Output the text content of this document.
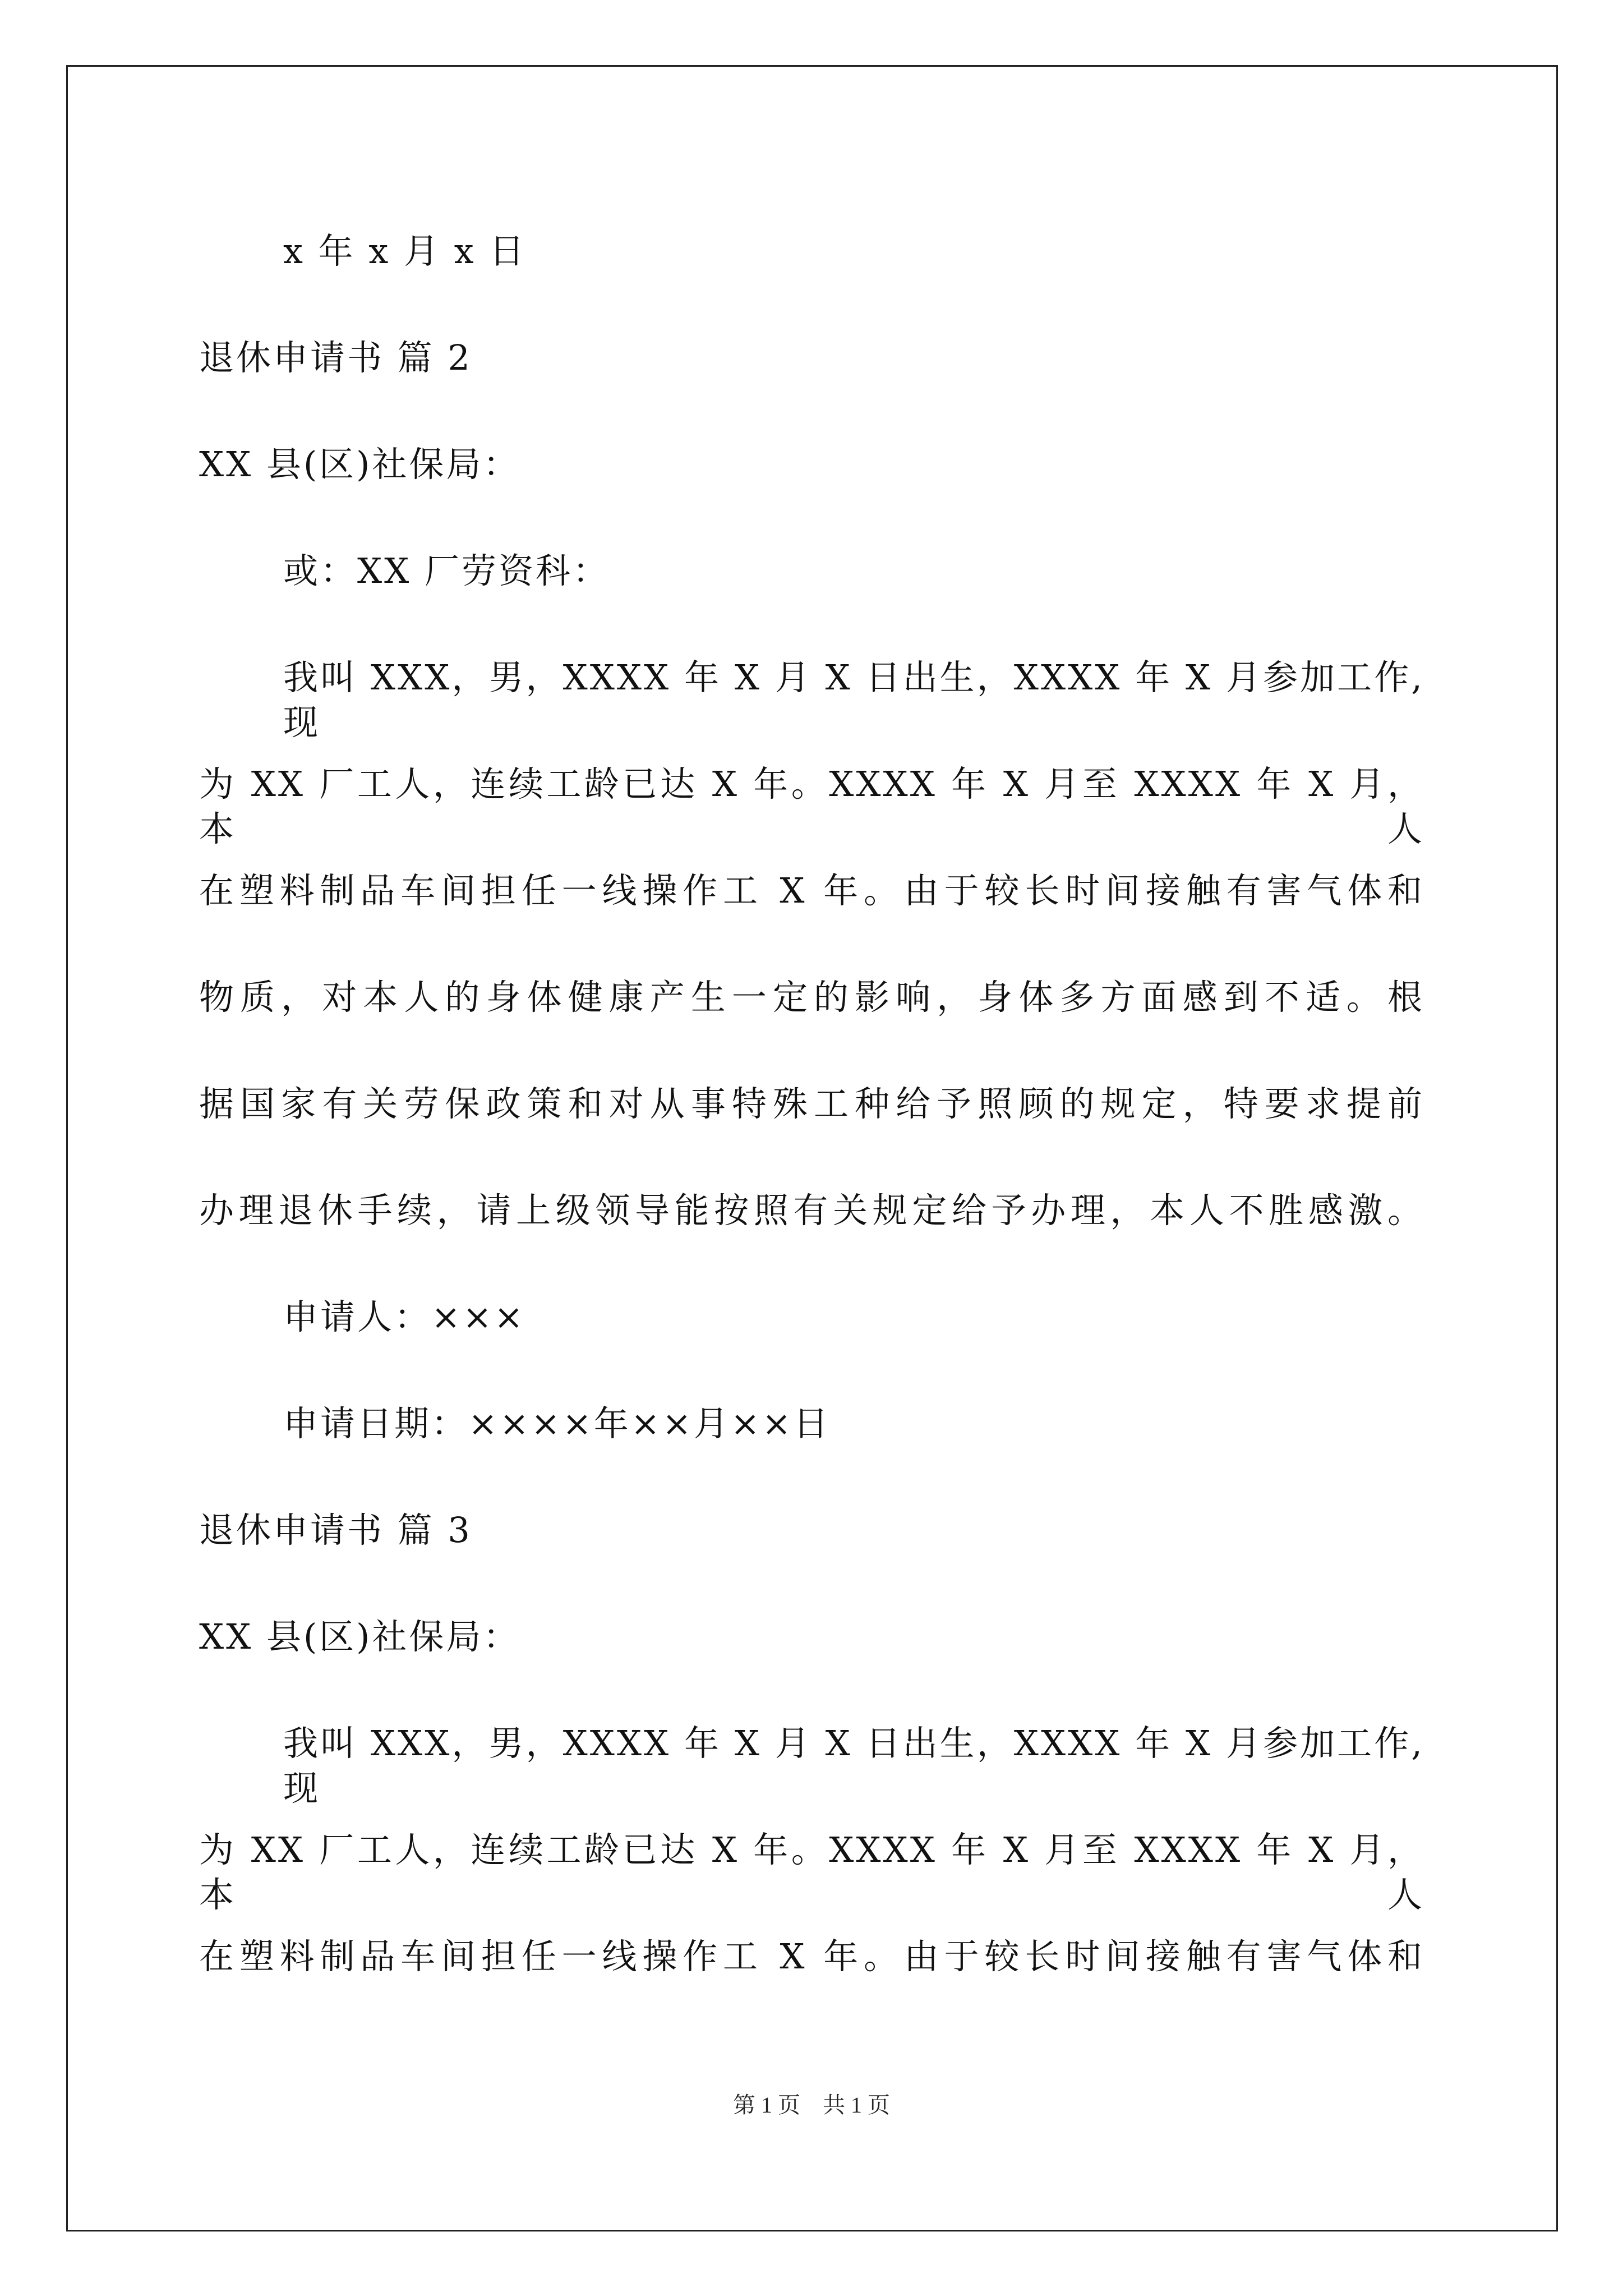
x 年 x 月 x 日
退休申请书 篇 2
XX 县(区)社保局：
或：XX 厂劳资科：
我叫 XXX，男，XXXX 年 X 月 X 日出生，XXXX 年 X 月参加工作,现
为 XX 厂工人，连续工龄已达 X 年。XXXX 年 X 月至 XXXX 年 X 月，本人
在塑料制品车间担任一线操作工 X 年。由于较长时间接触有害气体和
物质，对本人的身体健康产生一定的影响，身体多方面感到不适。根
据国家有关劳保政策和对从事特殊工种给予照顾的规定，特要求提前
办理退休手续，请上级领导能按照有关规定给予办理，本人不胜感激。
申请人：×××
申请日期：××××年××月××日
退休申请书 篇 3
XX 县(区)社保局：
我叫 XXX，男，XXXX 年 X 月 X 日出生，XXXX 年 X 月参加工作,现
为 XX 厂工人，连续工龄已达 X 年。XXXX 年 X 月至 XXXX 年 X 月，本人
在塑料制品车间担任一线操作工 X 年。由于较长时间接触有害气体和
第 1 页　共 1 页
